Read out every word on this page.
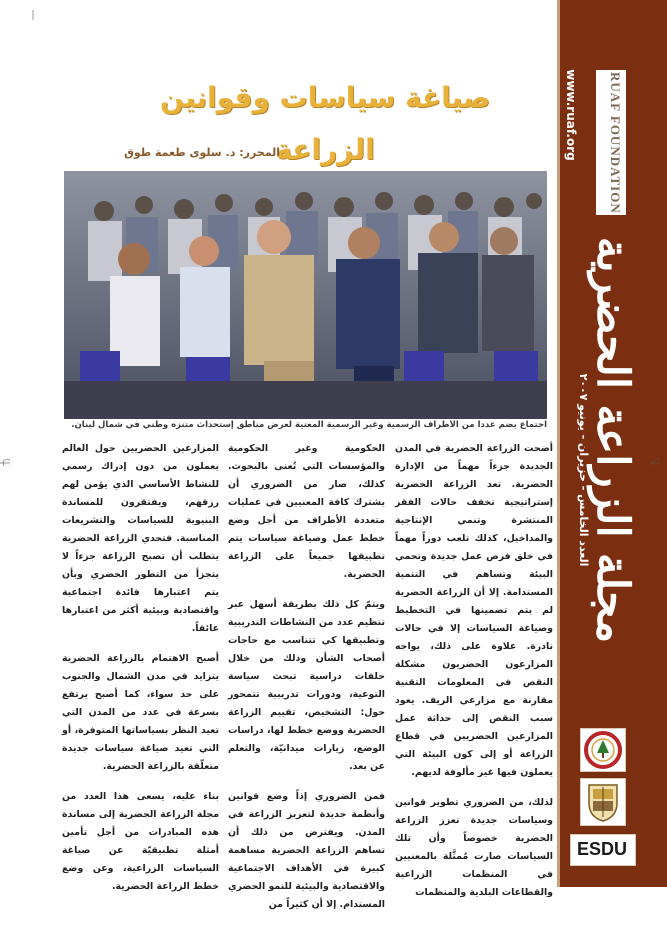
www.ruaf.org	RUAF FOUNDATION
مجلة الزراعة الحضرية
العدد الخامس - حزيران - يونيو ٢٠٠٧
ESDU
صياغة سياسات وقوانين الزراعة
المحرر: د. سلوى طعمة طوق
اجتماع يضم عدداً من الأطراف الرسمية وغير الرسمية المعنية لعرض مناطق إستحداث متنزه وطني في شمال لبنان.

أضحت الزراعة الحضرية في المدن الجديدة جزءاً مهماً من الإدارة الحضرية. تعد الزراعة الحضرية إستراتيجية تخفف حالات الفقر المنتشرة وتنمي الإنتاجية والمداخيل، كذلك تلعب دوراً مهماً في خلق فرص عمل جديدة وتحمي البيئة وتساهم في التنمية المستدامة. إلا أن الزراعة الحضرية لم يتم تضمينها في التخطيط وصياغة السياسات إلا في حالات نادرة. علاوة على ذلك، يواجه المزارعون الحضريون مشكلة النقص في المعلومات التقنية مقارنة مع مزارعي الريف. يعود سبب النقص إلى حداثة عمل المزارعين الحضريين في قطاع الزراعة أو إلى كون البيئة التي يعملون فيها غير مألوفة لديهم.

لذلك، من الضروري تطوير قوانين وسياسات جديدة تعزز الزراعة الحضرية خصوصاً وأن تلك السياسات صارت مُمثَّلة بالمعنيين في المنظمات الزراعية والقطاعات البلدية والمنظمات

الحكومية وغير الحكومية والمؤسسات التي تُعنى بالبحوث. كذلك، صار من الضروري أن يشترك كافة المعنيين في عمليات متعددة الأطراف من أجل وضع خطط عمل وصياغة سياسات يتم تطبيقها جميعاً على الزراعة الحضرية.

ويتمّ كل ذلك بطريقة أسهل عبر تنظيم عدد من النشاطات التدريبية وتطبيقها كي تتناسب مع حاجات أصحاب الشأن وذلك من خلال حلقات دراسية تبحث سياسة التوعية، ودورات تدريبية تتمحور حول: التشخيص، تقييم الزراعة الحضرية ووضع خطط لها، دراسات الوضع، زيارات ميدانيّة، والتعلم عن بعد.

فمن الضروري إذاً وضع قوانين وأنظمة جديدة لتعزيز الزراعة في المدن. ويفترض من ذلك أن تساهم الزراعة الحضرية مساهمة كبيرة في الأهداف الاجتماعية والاقتصادية والبيئية للنمو الحضري المستدام. إلا أن كثيراً من

المزارعين الحضريين حول العالم يعملون من دون إدراك رسمي للنشاط الأساسي الذي يؤمن لهم رزقهم، ويفتقرون للمساندة البنيوية للسياسات والتشريعات المناسبة. فتحدي الزراعة الحضرية يتطلب أن تصبح الزراعة جزءاً لا يتجزأ من التطور الحضري وبأن يتم اعتبارها فائدة اجتماعية واقتصادية وبيئية أكثر من اعتبارها عائقاً.

أصبح الاهتمام بالزراعة الحضرية يتزايد في مدن الشمال والجنوب على حد سواء، كما أصبح يرتفع بسرعة في عدد من المدن التي تعيد النظر بسياساتها المتوفرة، أو التي تعيد صياغة سياسات جديدة متعلّقة بالزراعة الحضرية.

بناء عليه، يسعى هذا العدد من مجلة الزراعة الحضرية إلى مساندة هذه المبادرات من أجل تأمين أمثلة تطبيقيّة عن صياغة السياسات الزراعية، وعن وضع خطط الزراعة الحضرية.
